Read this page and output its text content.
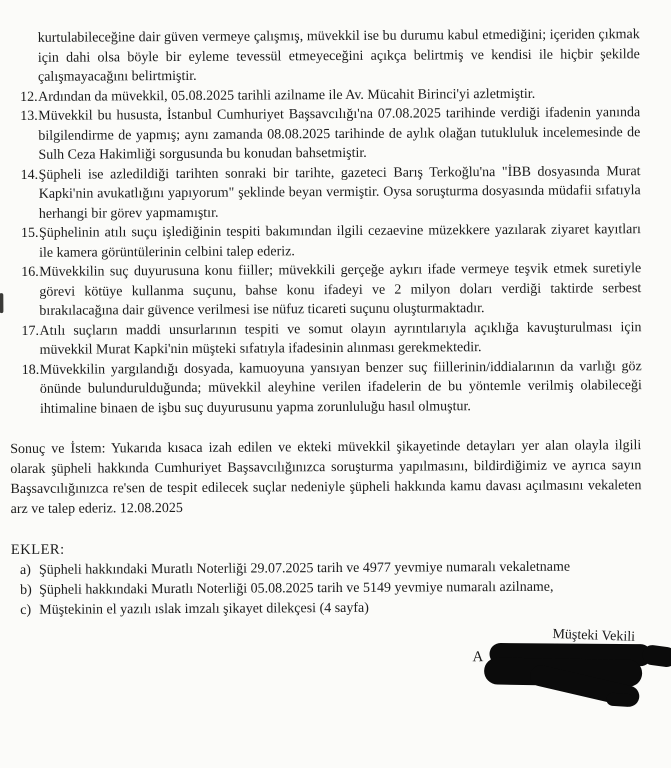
kurtulabileceğine dair güven vermeye çalışmış, müvekkil ise bu durumu kabul etmediğini; içeriden çıkmak için dahi olsa böyle bir eyleme tevessül etmeyeceğini açıkça belirtmiş ve kendisi ile hiçbir şekilde çalışmayacağını belirtmiştir.

12. Ardından da müvekkil, 05.08.2025 tarihli azilname ile Av. Mücahit Birinci'yi azletmiştir.
13. Müvekkil bu hususta, İstanbul Cumhuriyet Başsavcılığı'na 07.08.2025 tarihinde verdiği ifadenin yanında bilgilendirme de yapmış; aynı zamanda 08.08.2025 tarihinde de aylık olağan tutukluluk incelemesinde de Sulh Ceza Hakimliği sorgusunda bu konudan bahsetmiştir.
14. Şüpheli ise azledildiği tarihten sonraki bir tarihte, gazeteci Barış Terkoğlu'na "İBB dosyasında Murat Kapki'nin avukatlığını yapıyorum" şeklinde beyan vermiştir. Oysa soruşturma dosyasında müdafii sıfatıyla herhangi bir görev yapmamıştır.
15. Şüphelinin atılı suçu işlediğinin tespiti bakımından ilgili cezaevine müzekkere yazılarak ziyaret kayıtları ile kamera görüntülerinin celbini talep ederiz.
16. Müvekkilin suç duyurusuna konu fiiller; müvekkili gerçeğe aykırı ifade vermeye teşvik etmek suretiyle görevi kötüye kullanma suçunu, bahse konu ifadeyi ve 2 milyon doları verdiği taktirde serbest bırakılacağına dair güvence verilmesi ise nüfuz ticareti suçunu oluşturmaktadır.
17. Atılı suçların maddi unsurlarının tespiti ve somut olayın ayrıntılarıyla açıklığa kavuşturulması için müvekkil Murat Kapki'nin müşteki sıfatıyla ifadesinin alınması gerekmektedir.
18. Müvekkilin yargılandığı dosyada, kamuoyuna yansıyan benzer suç fiillerinin/iddialarının da varlığı göz önünde bulundurulduğunda; müvekkil aleyhine verilen ifadelerin de bu yöntemle verilmiş olabileceği ihtimaline binaen de işbu suç duyurusunu yapma zorunluluğu hasıl olmuştur.

Sonuç ve İstem: Yukarıda kısaca izah edilen ve ekteki müvekkil şikayetinde detayları yer alan olayla ilgili olarak şüpheli hakkında Cumhuriyet Başsavcılığınızca soruşturma yapılmasını, bildirdiğimiz ve ayrıca sayın Başsavcılığınızca re'sen de tespit edilecek suçlar nedeniyle şüpheli hakkında kamu davası açılmasını vekaleten arz ve talep ederiz. 12.08.2025

EKLER:
a) Şüpheli hakkındaki Muratlı Noterliği 29.07.2025 tarih ve 4977 yevmiye numaralı vekaletname
b) Şüpheli hakkındaki Muratlı Noterliği 05.08.2025 tarih ve 5149 yevmiye numaralı azilname,
c) Müştekinin el yazılı ıslak imzalı şikayet dilekçesi (4 sayfa)
Müşteki Vekili
A
